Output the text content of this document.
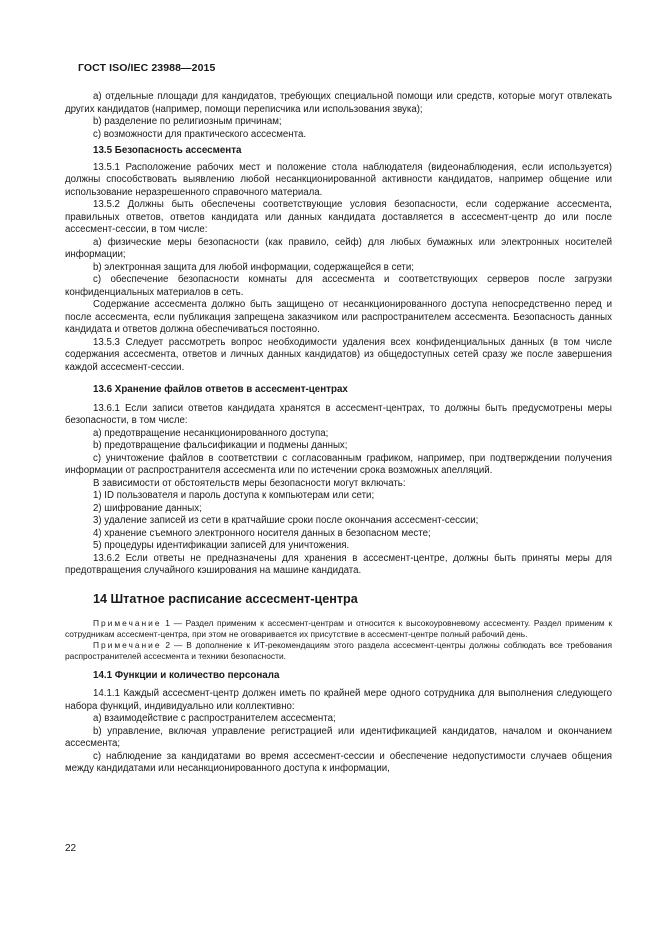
ГОСТ ISO/IEC 23988—2015

а) отдельные площади для кандидатов, требующих специальной помощи или средств, которые могут отвлекать других кандидатов (например, помощи переписчика или использования звука);

b) разделение по религиозным причинам;

c) возможности для практического ассесмента.

13.5 Безопасность ассесмента

13.5.1 Расположение рабочих мест и положение стола наблюдателя (видеонаблюдения, если используется) должны способствовать выявлению любой несанкционированной активности кандидатов, например общение или использование неразрешенного справочного материала.

13.5.2 Должны быть обеспечены соответствующие условия безопасности, если содержание ассесмента, правильных ответов, ответов кандидата или данных кандидата доставляется в ассесмент-центр до или после ассесмент-сессии, в том числе:

а) физические меры безопасности (как правило, сейф) для любых бумажных или электронных носителей информации;

b) электронная защита для любой информации, содержащейся в сети;

c) обеспечение безопасности комнаты для ассесмента и соответствующих серверов после загрузки конфиденциальных материалов в сеть.

Содержание ассесмента должно быть защищено от несанкционированного доступа непосредственно перед и после ассесмента, если публикация запрещена заказчиком или распространителем ассесмента. Безопасность данных кандидата и ответов должна обеспечиваться постоянно.

13.5.3 Следует рассмотреть вопрос необходимости удаления всех конфиденциальных данных (в том числе содержания ассесмента, ответов и личных данных кандидатов) из общедоступных сетей сразу же после завершения каждой ассесмент-сессии.

13.6 Хранение файлов ответов в ассесмент-центрах

13.6.1 Если записи ответов кандидата хранятся в ассесмент-центрах, то должны быть предусмотрены меры безопасности, в том числе:

а) предотвращение несанкционированного доступа;

b) предотвращение фальсификации и подмены данных;

c) уничтожение файлов в соответствии с согласованным графиком, например, при подтверждении получения информации от распространителя ассесмента или по истечении срока возможных апелляций.

В зависимости от обстоятельств меры безопасности могут включать:

1) ID пользователя и пароль доступа к компьютерам или сети;

2) шифрование данных;

3) удаление записей из сети в кратчайшие сроки после окончания ассесмент-сессии;

4) хранение съемного электронного носителя данных в безопасном месте;

5) процедуры идентификации записей для уничтожения.

13.6.2 Если ответы не предназначены для хранения в ассесмент-центре, должны быть приняты меры для предотвращения случайного кэширования на машине кандидата.

14 Штатное расписание ассесмент-центра

Примечание 1 — Раздел применим к ассесмент-центрам и относится к высокоуровневому ассесменту. Раздел применим к сотрудникам ассесмент-центра, при этом не оговаривается их присутствие в ассесмент-центре полный рабочий день.

Примечание 2 — В дополнение к ИТ-рекомендациям этого раздела ассесмент-центры должны соблюдать все требования распространителей ассесмента и техники безопасности.

14.1 Функции и количество персонала

14.1.1 Каждый ассесмент-центр должен иметь по крайней мере одного сотрудника для выполнения следующего набора функций, индивидуально или коллективно:

а) взаимодействие с распространителем ассесмента;

b) управление, включая управление регистрацией или идентификацией кандидатов, началом и окончанием ассесмента;

c) наблюдение за кандидатами во время ассесмент-сессии и обеспечение недопустимости случаев общения между кандидатами или несанкционированного доступа к информации,

22
